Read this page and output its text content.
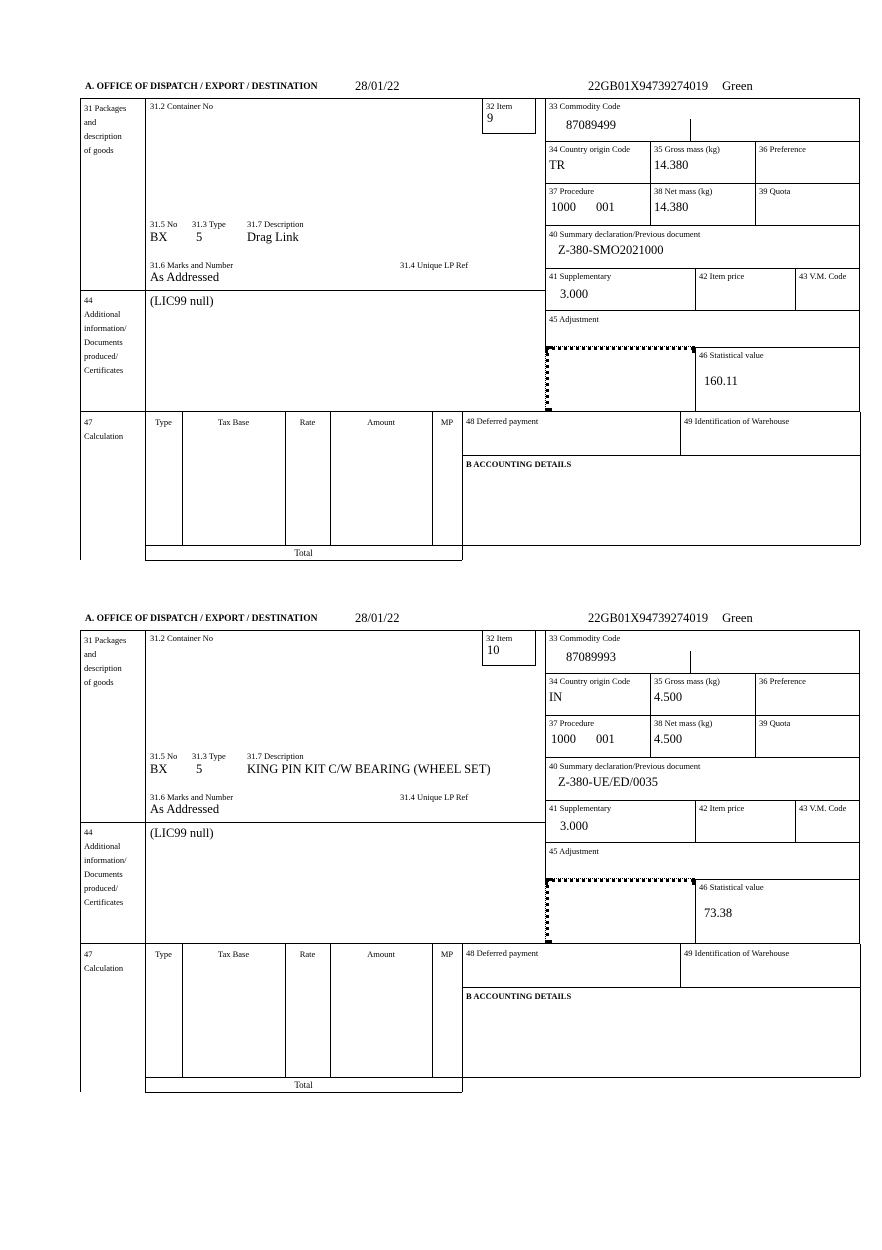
A. OFFICE OF DISPATCH / EXPORT / DESTINATION	28/01/22	22GB01X94739274019 Green
31 Packages
and
description
of goods
44
Additional
information/
Documents
produced/
Certificates
31.2 Container No	32 Item
9
31.5 No 31.3 Type	31.7 Description
BX 5	Drag Link
31.6 Marks and Number	31.4 Unique LP Ref
As Addressed
(LIC99 null)
33 Commodity Code
87089499
34 Country origin Code	35 Gross mass (kg)	36 Preference
TR	14.380
37 Procedure	38 Net mass (kg)	39 Quota
1000 001	14.380
40 Summary declaration/Previous document
Z-380-SMO2021000
41 Supplementary	42 Item price	43 V.M. Code
3.000
45 Adjustment
46 Statistical value
160.11
47
Calculation
Type	Tax Base	Rate	Amount	MP	48 Deferred payment	49 Identification of Warehouse
B ACCOUNTING DETAILS
Total
A. OFFICE OF DISPATCH / EXPORT / DESTINATION	28/01/22	22GB01X94739274019 Green
31 Packages
and
description
of goods
44
Additional
information/
Documents
produced/
Certificates
31.2 Container No	32 Item
10
31.5 No 31.3 Type	31.7 Description
BX 5	KING PIN KIT C/W BEARING (WHEEL SET)
31.6 Marks and Number	31.4 Unique LP Ref
As Addressed
(LIC99 null)
33 Commodity Code
87089993
34 Country origin Code	35 Gross mass (kg)	36 Preference
IN	4.500
37 Procedure	38 Net mass (kg)	39 Quota
1000 001	4.500
40 Summary declaration/Previous document
Z-380-UE/ED/0035
41 Supplementary	42 Item price	43 V.M. Code
3.000
45 Adjustment
46 Statistical value
73.38
47
Calculation
Type	Tax Base	Rate	Amount	MP	48 Deferred payment	49 Identification of Warehouse
B ACCOUNTING DETAILS
Total
